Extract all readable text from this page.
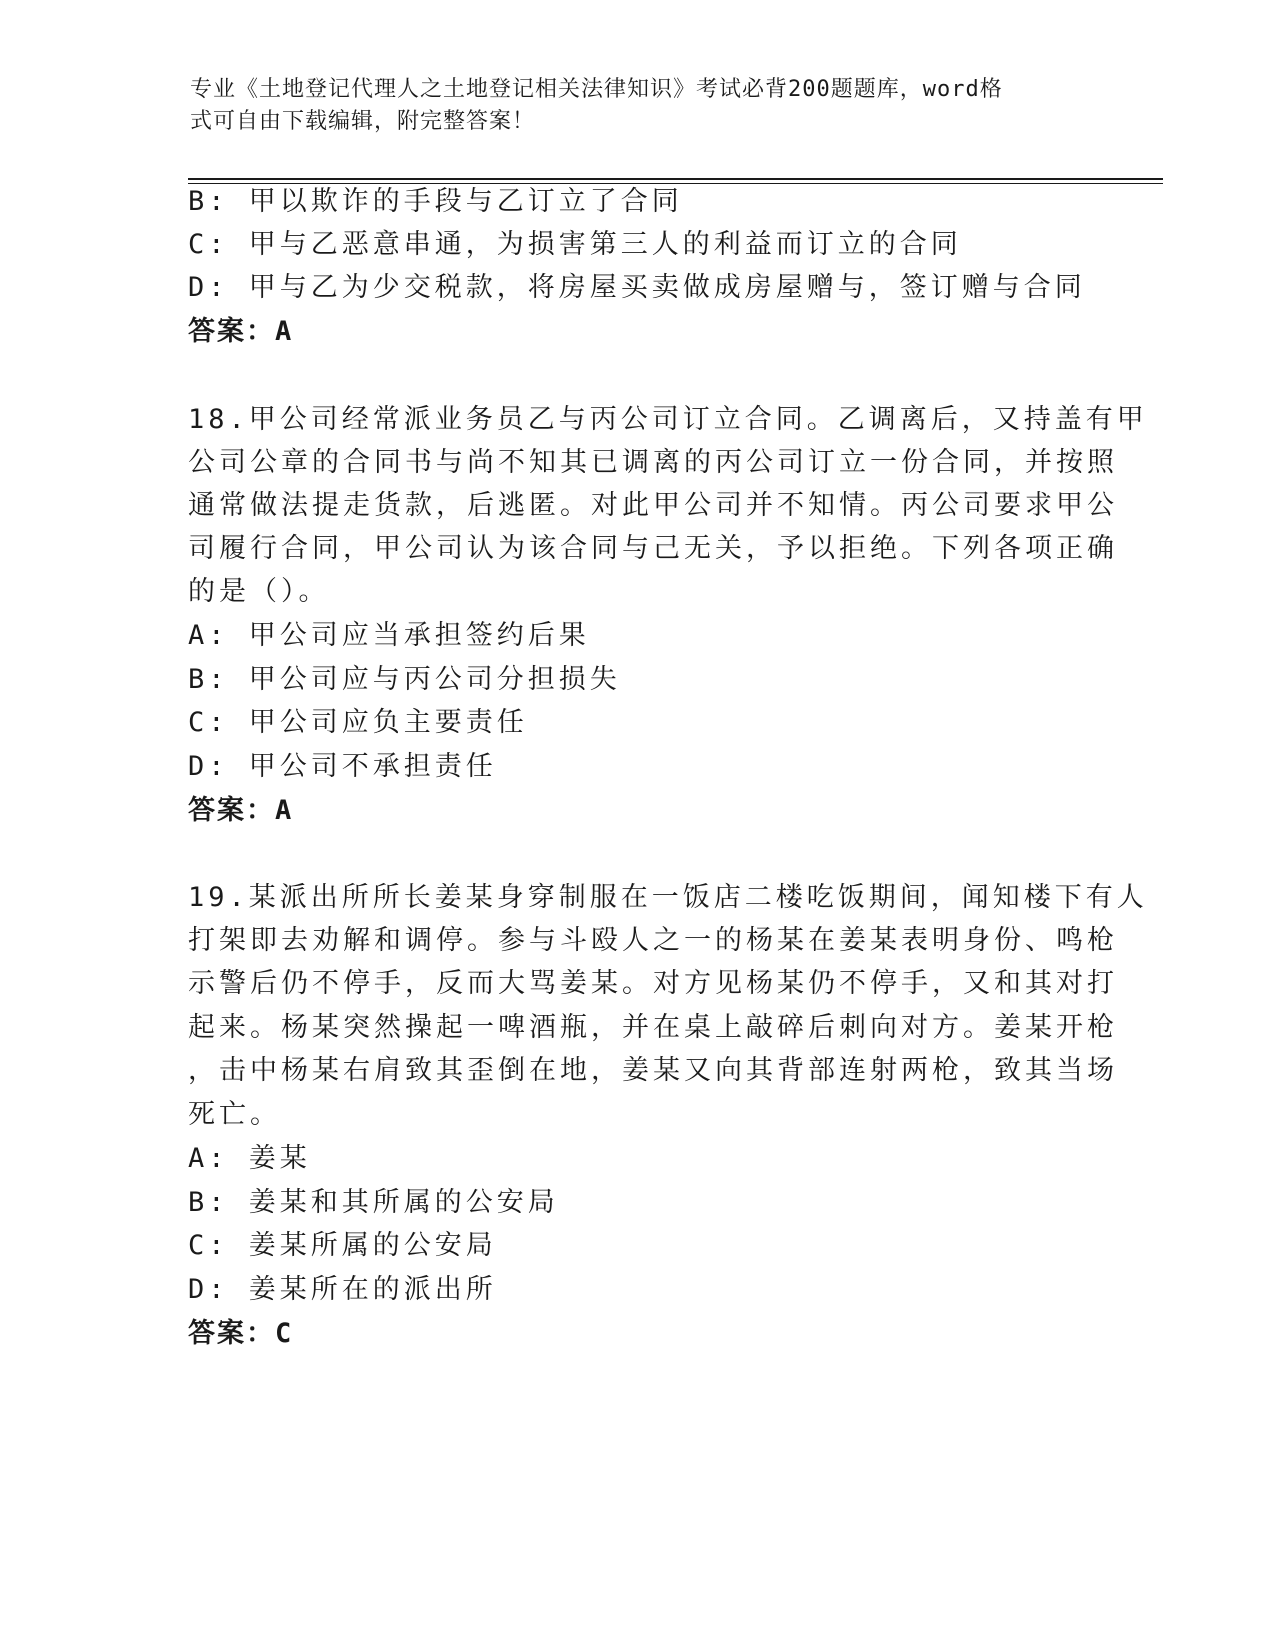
专业《土地登记代理人之土地登记相关法律知识》考试必背200题题库，word格
式可自由下载编辑，附完整答案！
B: 甲以欺诈的手段与乙订立了合同
C: 甲与乙恶意串通，为损害第三人的利益而订立的合同
D: 甲与乙为少交税款，将房屋买卖做成房屋赠与，签订赠与合同
答案：A
18.甲公司经常派业务员乙与丙公司订立合同。乙调离后，又持盖有甲
公司公章的合同书与尚不知其已调离的丙公司订立一份合同，并按照
通常做法提走货款，后逃匿。对此甲公司并不知情。丙公司要求甲公
司履行合同，甲公司认为该合同与己无关，予以拒绝。下列各项正确
的是（）。
A: 甲公司应当承担签约后果
B: 甲公司应与丙公司分担损失
C: 甲公司应负主要责任
D: 甲公司不承担责任
答案：A
19.某派出所所长姜某身穿制服在一饭店二楼吃饭期间，闻知楼下有人
打架即去劝解和调停。参与斗殴人之一的杨某在姜某表明身份、鸣枪
示警后仍不停手，反而大骂姜某。对方见杨某仍不停手，又和其对打
起来。杨某突然操起一啤酒瓶，并在桌上敲碎后刺向对方。姜某开枪
，击中杨某右肩致其歪倒在地，姜某又向其背部连射两枪，致其当场
死亡。
A: 姜某
B: 姜某和其所属的公安局
C: 姜某所属的公安局
D: 姜某所在的派出所
答案：C
